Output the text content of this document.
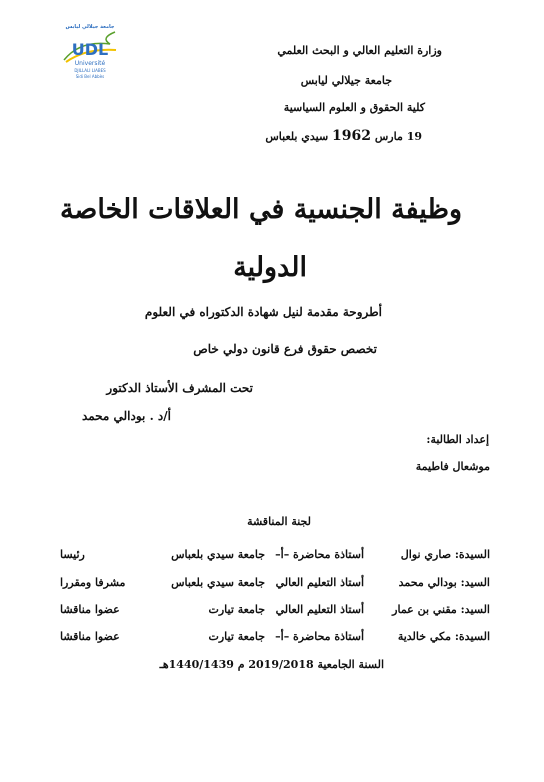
جامعة جيلالي ليابس
UDL
Université
DJILLALI LIABES
Sidi Bel Abbès
وزارة التعليم العالي و البحث العلمي
جامعة جيلالي ليابس
كلية الحقوق و العلوم السياسية
19 مارس 1962 سيدي بلعباس
وظيفة الجنسية في العلاقات الخاصة
الدولية
أطروحة مقدمة لنيل شهادة الدكتوراه في العلوم
تخصص حقوق فرع قانون دولي خاص
تحت المشرف الأستاذ الدكتور
أ/د . بودالي محمد
إعداد الطالبة:
موشعال فاطيمة
لجنة المناقشة
السيدة: صاري نوال
أستاذة محاضرة –أ–
جامعة سيدي بلعباس
رئيسا
السيد: بودالي محمد
أستاذ التعليم العالي
جامعة سيدي بلعباس
مشرفا ومقررا
السيد: مقني بن عمار
أستاذ التعليم العالي
جامعة تيارت
عضوا مناقشا
السيدة: مكي خالدية
أستاذة محاضرة –أ–
جامعة تيارت
عضوا مناقشا
السنة الجامعية 2019/2018 م 1440/1439هـ
